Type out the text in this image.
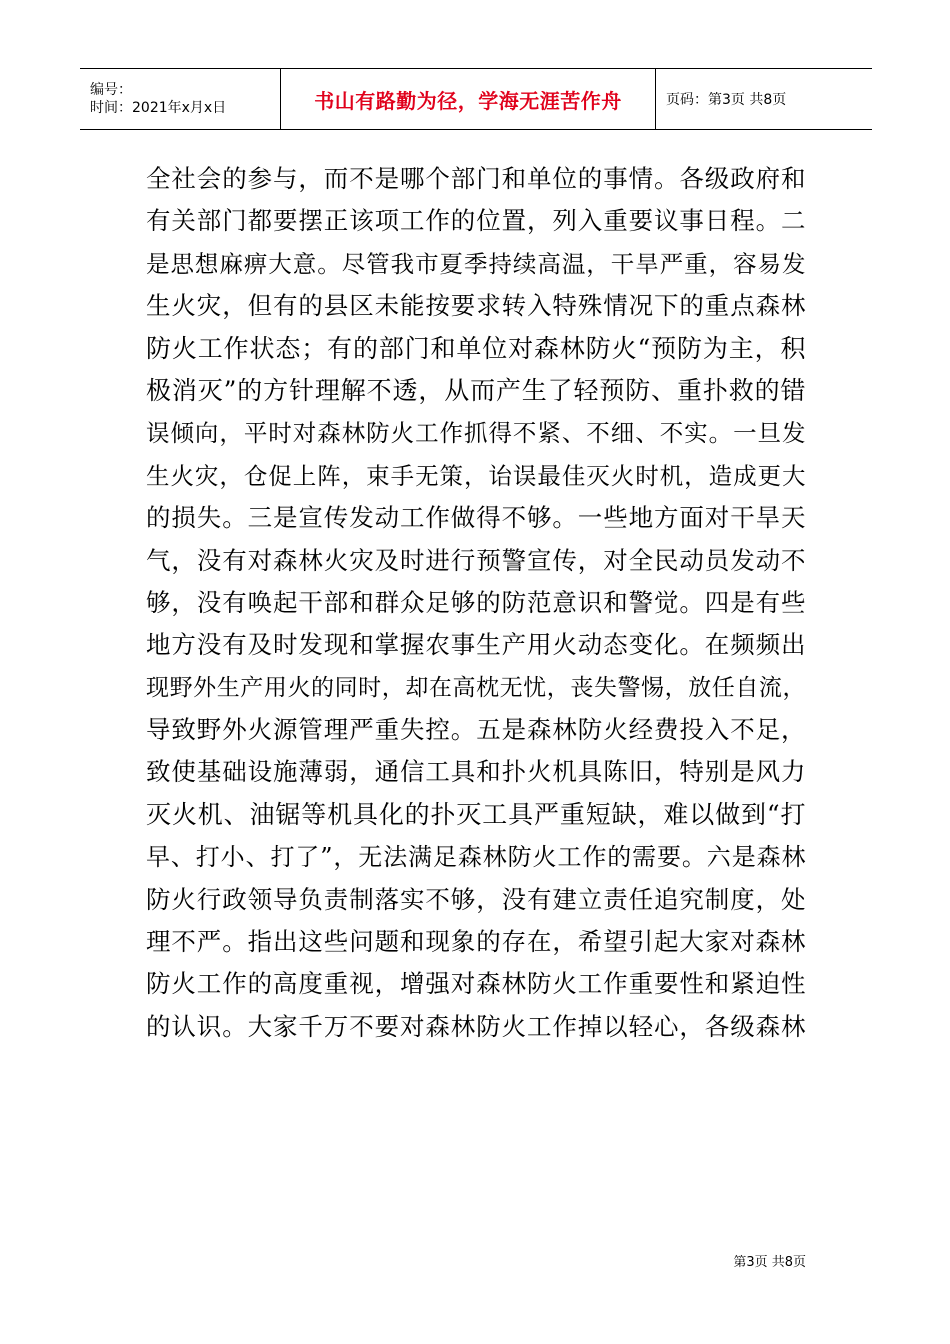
编号：
时间：2021年x月x日	书山有路勤为径，学海无涯苦作舟	页码：第3页 共8页
全社会的参与，而不是哪个部门和单位的事情。各级政府和
有关部门都要摆正该项工作的位置，列入重要议事日程。二
是思想麻痹大意。尽管我市夏季持续高温，干旱严重，容易发
生火灾，但有的县区未能按要求转入特殊情况下的重点森林
防火工作状态；有的部门和单位对森林防火“预防为主，积
极消灭”的方针理解不透，从而产生了轻预防、重扑救的错
误倾向，平时对森林防火工作抓得不紧、不细、不实。一旦发
生火灾，仓促上阵，束手无策，诒误最佳灭火时机，造成更大
的损失。三是宣传发动工作做得不够。一些地方面对干旱天
气，没有对森林火灾及时进行预警宣传，对全民动员发动不
够，没有唤起干部和群众足够的防范意识和警觉。四是有些
地方没有及时发现和掌握农事生产用火动态变化。在频频出
现野外生产用火的同时，却在高枕无忧，丧失警惕，放任自流，
导致野外火源管理严重失控。五是森林防火经费投入不足，
致使基础设施薄弱，通信工具和扑火机具陈旧，特别是风力
灭火机、油锯等机具化的扑灭工具严重短缺，难以做到“打
早、打小、打了”，无法满足森林防火工作的需要。六是森林
防火行政领导负责制落实不够，没有建立责任追究制度，处
理不严。指出这些问题和现象的存在，希望引起大家对森林
防火工作的高度重视，增强对森林防火工作重要性和紧迫性
的认识。大家千万不要对森林防火工作掉以轻心，各级森林
第3页 共8页
